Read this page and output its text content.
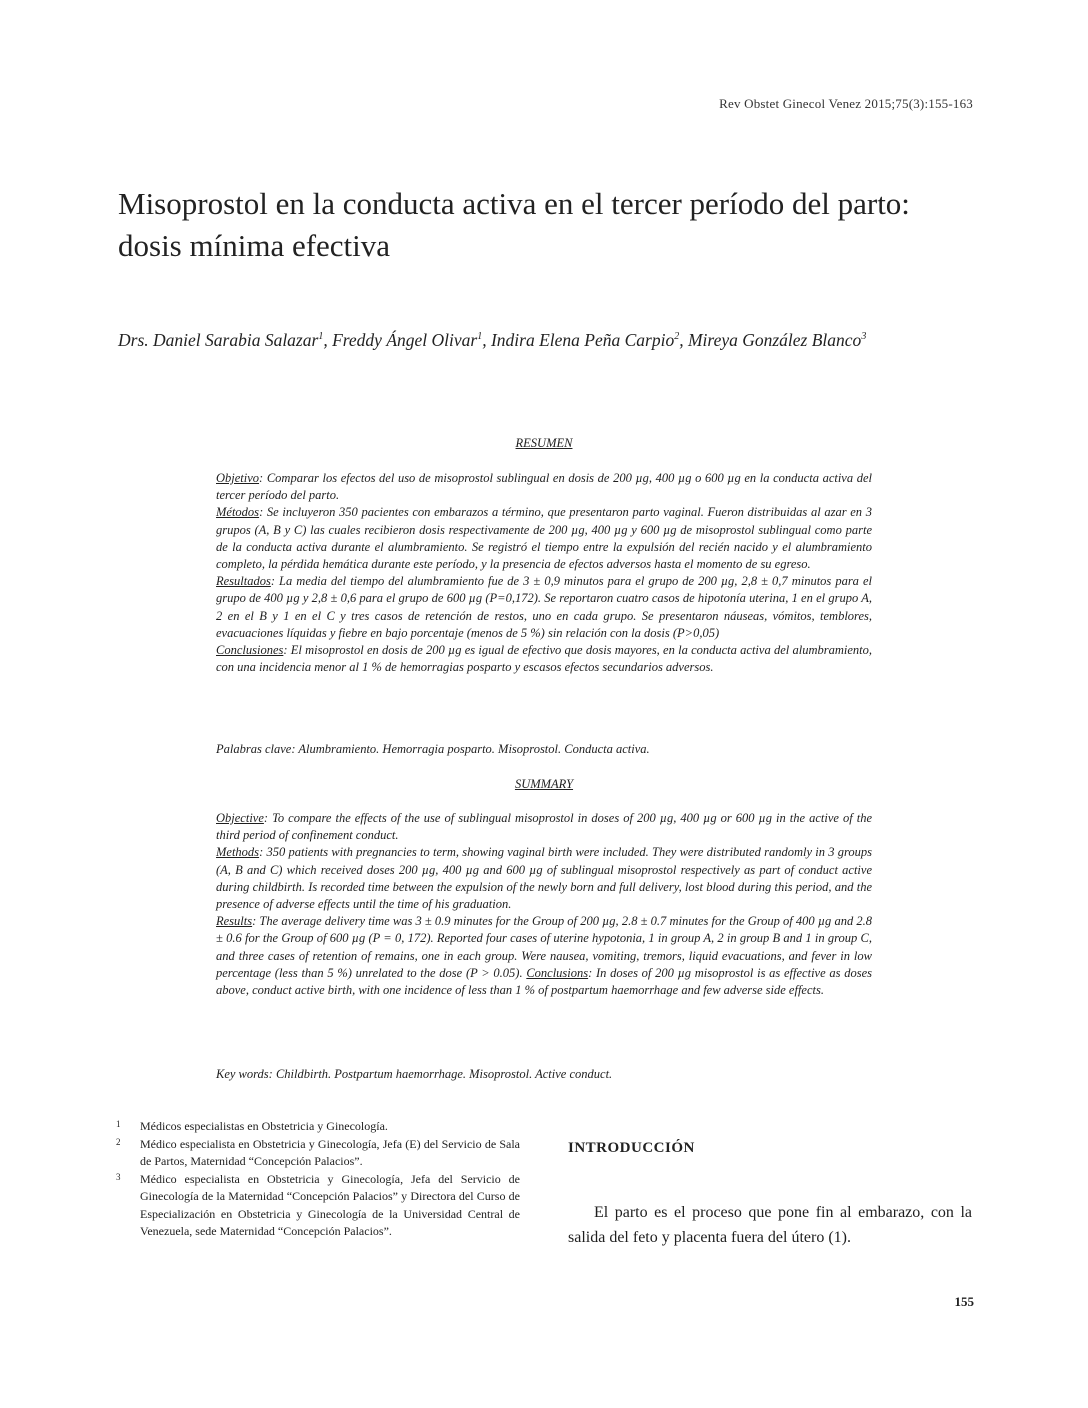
Rev Obstet Ginecol Venez 2015;75(3):155-163
Misoprostol en la conducta activa en el tercer período del parto: dosis mínima efectiva
Drs. Daniel Sarabia Salazar$^1$, Freddy Ángel Olivar$^1$, Indira Elena Peña Carpio$^2$, Mireya González Blanco$^3$
RESUMEN

Objetivo: Comparar los efectos del uso de misoprostol sublingual en dosis de 200 µg, 400 µg o 600 µg en la conducta activa del tercer período del parto.

Métodos: Se incluyeron 350 pacientes con embarazos a término, que presentaron parto vaginal. Fueron distribuidas al azar en 3 grupos (A, B y C) las cuales recibieron dosis respectivamente de 200 µg, 400 µg y 600 µg de misoprostol sublingual como parte de la conducta activa durante el alumbramiento. Se registró el tiempo entre la expulsión del recién nacido y el alumbramiento completo, la pérdida hemática durante este período, y la presencia de efectos adversos hasta el momento de su egreso.

Resultados: La media del tiempo del alumbramiento fue de 3 ± 0,9 minutos para el grupo de 200 µg, 2,8 ± 0,7 minutos para el grupo de 400 µg y 2,8 ± 0,6 para el grupo de 600 µg (P=0,172). Se reportaron cuatro casos de hipotonía uterina, 1 en el grupo A, 2 en el B y 1 en el C y tres casos de retención de restos, uno en cada grupo. Se presentaron náuseas, vómitos, temblores, evacuaciones líquidas y fiebre en bajo porcentaje (menos de 5 %) sin relación con la dosis (P>0,05)

Conclusiones: El misoprostol en dosis de 200 µg es igual de efectivo que dosis mayores, en la conducta activa del alumbramiento, con una incidencia menor al 1 % de hemorragias posparto y escasos efectos secundarios adversos.

Palabras clave: Alumbramiento. Hemorragia posparto. Misoprostol. Conducta activa.
SUMMARY

Objective: To compare the effects of the use of sublingual misoprostol in doses of 200 µg, 400 µg or 600 µg in the active of the third period of confinement conduct.

Methods: 350 patients with pregnancies to term, showing vaginal birth were included. They were distributed randomly in 3 groups (A, B and C) which received doses 200 µg, 400 µg and 600 µg of sublingual misoprostol respectively as part of conduct active during childbirth. Is recorded time between the expulsion of the newly born and full delivery, lost blood during this period, and the presence of adverse effects until the time of his graduation.

Results: The average delivery time was 3 ± 0.9 minutes for the Group of 200 µg, 2.8 ± 0.7 minutes for the Group of 400 µg and 2.8 ± 0.6 for the Group of 600 µg (P = 0, 172). Reported four cases of uterine hypotonia, 1 in group A, 2 in group B and 1 in group C, and three cases of retention of remains, one in each group. Were nausea, vomiting, tremors, liquid evacuations, and fever in low percentage (less than 5 %) unrelated to the dose (P > 0.05). Conclusions: In doses of 200 µg misoprostol is as effective as doses above, conduct active birth, with one incidence of less than 1 % of postpartum haemorrhage and few adverse side effects.

Key words: Childbirth. Postpartum haemorrhage. Misoprostol. Active conduct.
1 Médicos especialistas en Obstetricia y Ginecología.
2 Médico especialista en Obstetricia y Ginecología, Jefa (E) del Servicio de Sala de Partos, Maternidad “Concepción Palacios”.
3 Médico especialista en Obstetricia y Ginecología, Jefa del Servicio de Ginecología de la Maternidad “Concepción Palacios” y Directora del Curso de Especialización en Obstetricia y Ginecología de la Universidad Central de Venezuela, sede Maternidad “Concepción Palacios”.
INTRODUCCIÓN
El parto es el proceso que pone fin al embarazo, con la salida del feto y placenta fuera del útero (1).
155
